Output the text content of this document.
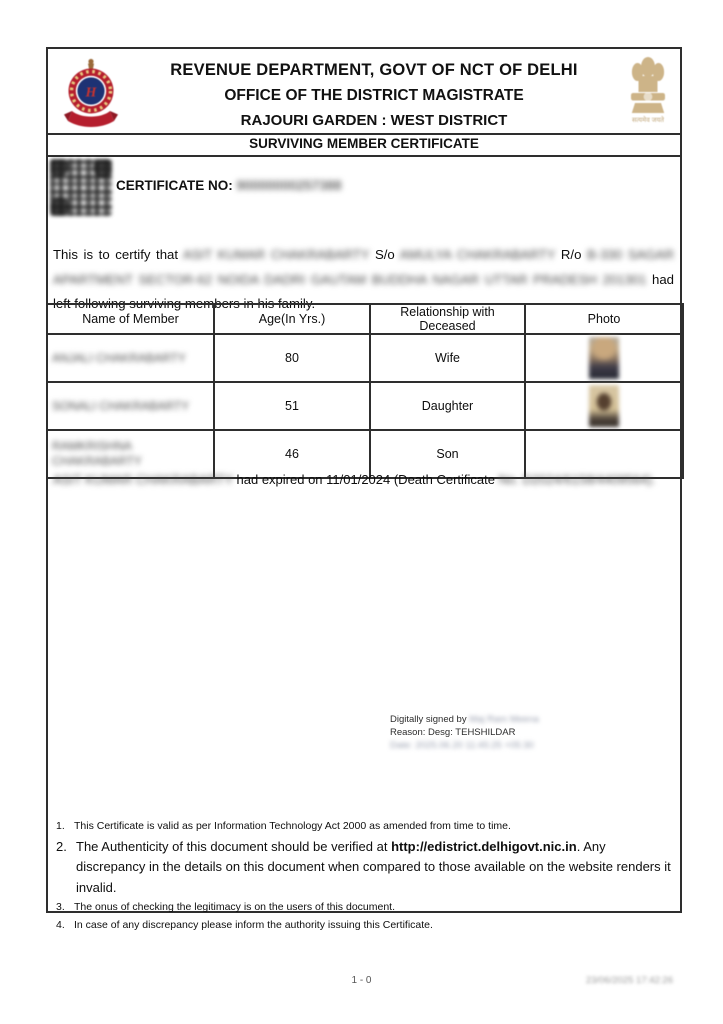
H
REVENUE DEPARTMENT, GOVT OF NCT OF DELHI
OFFICE OF THE DISTRICT MAGISTRATE
RAJOURI GARDEN : WEST DISTRICT	सत्यमेव जयते
SURVIVING MEMBER CERTIFICATE
CERTIFICATE NO: 90000000257388
This is to certify that ASIT KUMAR CHAKRABARTY S/o AMULYA CHAKRABARTY R/o B-330 SAGAR APARTMENT SECTOR-62 NOIDA DADRI GAUTAM BUDDHA NAGAR UTTAR PRADESH 201301 had left following surviving members in his family.
Name of Member	Age(In Yrs.)	Relationship with Deceased	Photo
ANJALI CHAKRABARTY	80	Wife	

SONALI CHAKRABARTY	51	Daughter	

RAMKRISHNA CHAKRABARTY	46	Son	
ASIT KUMAR CHAKRABARTY had expired on 11/01/2024 (Death Certificate No. D2024/6158/4409564).
Digitally signed by Maj Ram Meena
Reason: Desg: TEHSHILDAR
Date: 2025.06.20 11:45:25 +05:30
1. This Certificate is valid as per Information Technology Act 2000 as amended from time to time.
2. The Authenticity of this document should be verified at http://edistrict.delhigovt.nic.in. Any discrepancy in the details on this document when compared to those available on the website renders it invalid.
3. The onus of checking the legitimacy is on the users of this document.
4. In case of any discrepancy please inform the authority issuing this Certificate.
1 - 0	23/06/2025 17:42:26
